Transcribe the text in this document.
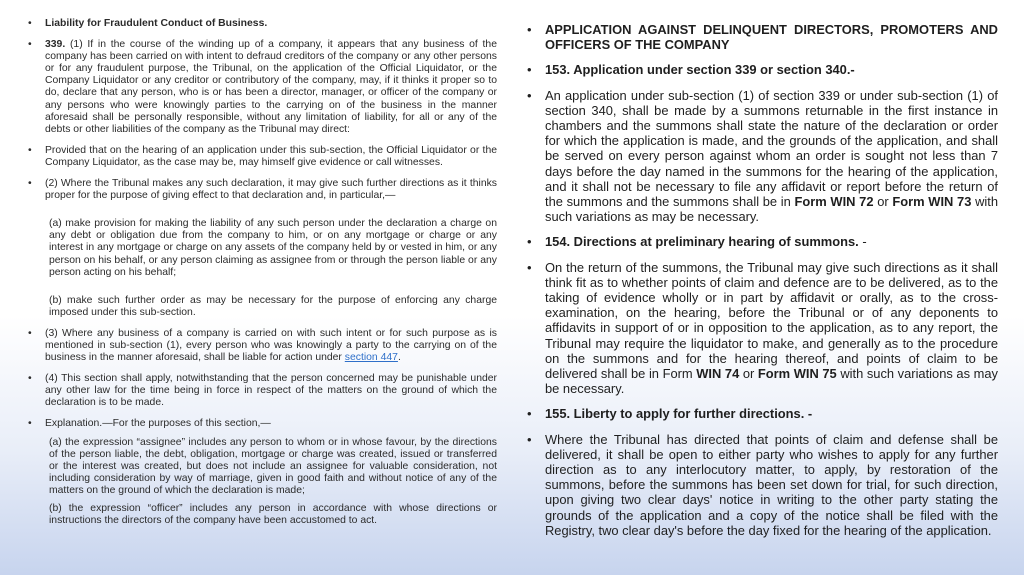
• Liability for Fraudulent Conduct of Business.
• 339. (1) If in the course of the winding up of a company, it appears that any business of the company has been carried on with intent to defraud creditors of the company or any other persons or for any fraudulent purpose, the Tribunal, on the application of the Official Liquidator, or the Company Liquidator or any creditor or contributory of the company, may, if it thinks it proper so to do, declare that any person, who is or has been a director, manager, or officer of the company or any persons who were knowingly parties to the carrying on of the business in the manner aforesaid shall be personally responsible, without any limitation of liability, for all or any of the debts or other liabilities of the company as the Tribunal may direct:
• Provided that on the hearing of an application under this sub-section, the Official Liquidator or the Company Liquidator, as the case may be, may himself give evidence or call witnesses.
• (2) Where the Tribunal makes any such declaration, it may give such further directions as it thinks proper for the purpose of giving effect to that declaration and, in particular,—
(a) make provision for making the liability of any such person under the declaration a charge on any debt or obligation due from the company to him, or on any mortgage or charge or any interest in any mortgage or charge on any assets of the company held by or vested in him, or any person on his behalf, or any person claiming as assignee from or through the person liable or any person acting on his behalf;
(b) make such further order as may be necessary for the purpose of enforcing any charge imposed under this sub-section.
• (3) Where any business of a company is carried on with such intent or for such purpose as is mentioned in sub-section (1), every person who was knowingly a party to the carrying on of the business in the manner aforesaid, shall be liable for action under section 447.
• (4) This section shall apply, notwithstanding that the person concerned may be punishable under any other law for the time being in force in respect of the matters on the ground of which the declaration is to be made.
• Explanation.—For the purposes of this section,—
(a) the expression “assignee” includes any person to whom or in whose favour, by the directions of the person liable, the debt, obligation, mortgage or charge was created, issued or transferred or the interest was created, but does not include an assignee for valuable consideration, not including consideration by way of marriage, given in good faith and without notice of any of the matters on the ground of which the declaration is made;
(b) the expression “officer” includes any person in accordance with whose directions or instructions the directors of the company have been accustomed to act.
• APPLICATION AGAINST DELINQUENT DIRECTORS, PROMOTERS AND OFFICERS OF THE COMPANY
• 153. Application under section 339 or section 340.-
• An application under sub-section (1) of section 339 or under sub-section (1) of section 340, shall be made by a summons returnable in the first instance in chambers and the summons shall state the nature of the declaration or order for which the application is made, and the grounds of the application, and shall be served on every person against whom an order is sought not less than 7 days before the day named in the summons for the hearing of the application, and it shall not be necessary to file any affidavit or report before the return of the summons and the summons shall be in Form WIN 72 or Form WIN 73 with such variations as may be necessary.
• 154. Directions at preliminary hearing of summons. -
• On the return of the summons, the Tribunal may give such directions as it shall think fit as to whether points of claim and defence are to be delivered, as to the taking of evidence wholly or in part by affidavit or orally, as to the cross-examination, on the hearing, before the Tribunal or of any deponents to affidavits in support of or in opposition to the application, as to any report, the Tribunal may require the liquidator to make, and generally as to the procedure on the summons and for the hearing thereof, and points of claim to be delivered shall be in Form WIN 74 or Form WIN 75 with such variations as may be necessary.
• 155. Liberty to apply for further directions. -
• Where the Tribunal has directed that points of claim and defense shall be delivered, it shall be open to either party who wishes to apply for any further direction as to any interlocutory matter, to apply, by restoration of the summons, before the summons has been set down for trial, for such direction, upon giving two clear days' notice in writing to the other party stating the grounds of the application and a copy of the notice shall be filed with the Registry, two clear day's before the day fixed for the hearing of the application.
